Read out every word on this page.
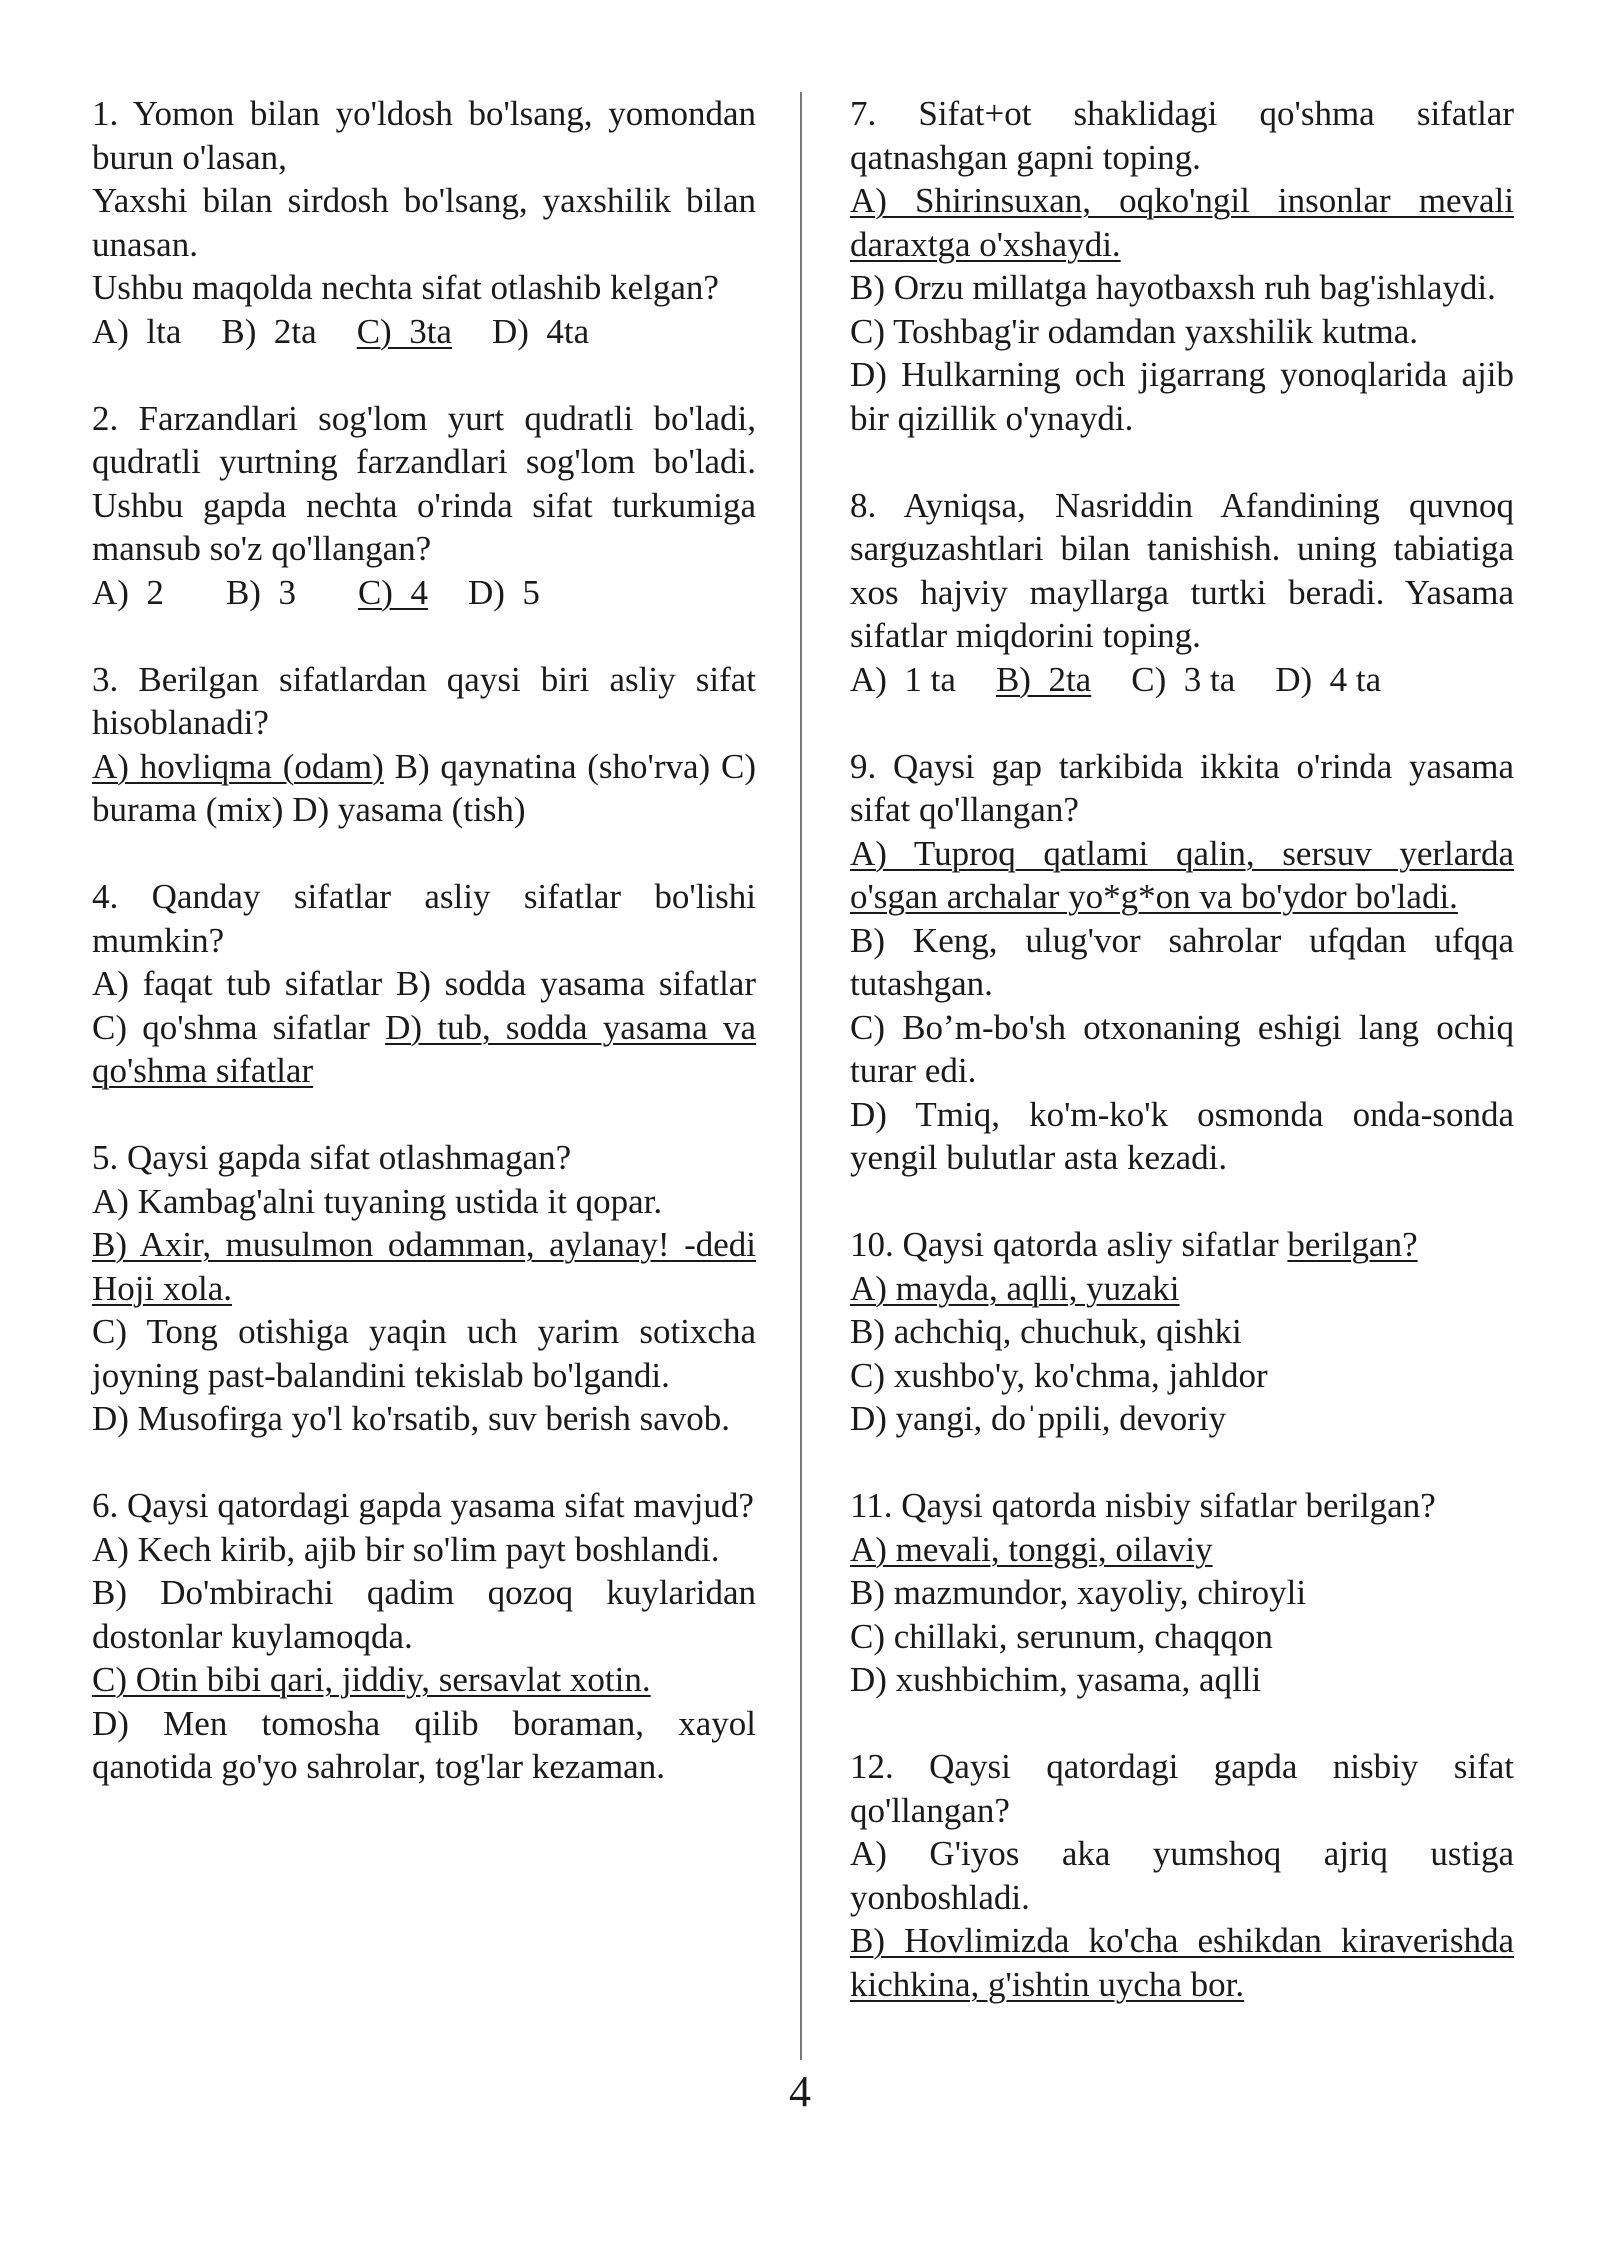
1. Yomon bilan yo'ldosh bo'lsang, yomondan burun o'lasan,
Yaxshi bilan sirdosh bo'lsang, yaxshilik bilan unasan.
Ushbu maqolda nechta sifat otlashib kelgan?
A)  lta B)  2ta C)  3ta D)  4ta
2. Farzandlari sog'lom yurt qudratli bo'ladi, qudratli yurtning farzandlari sog'lom bo'ladi. Ushbu gapda nechta o'rinda sifat turkumiga mansub so'z qo'llangan?
A)  2 B)  3 C)  4 D)  5
3. Berilgan sifatlardan qaysi biri asliy sifat hisoblanadi?
A) hovliqma (odam) B) qaynatina (sho'rva) C) burama (mix) D) yasama (tish)
4. Qanday sifatlar asliy sifatlar bo'lishi mumkin?
A) faqat tub sifatlar B) sodda yasama sifatlar C) qo'shma sifatlar D) tub, sodda yasama va qo'shma sifatlar
5. Qaysi gapda sifat otlashmagan?
A) Kambag'alni tuyaning ustida it qopar.
B) Axir, musulmon odamman, aylanay! -dedi Hoji xola.
C) Tong otishiga yaqin uch yarim sotixcha joyning past-balandini tekislab bo'lgandi.
D) Musofirga yo'l ko'rsatib, suv berish savob.
6. Qaysi qatordagi gapda yasama sifat mavjud?
A) Kech kirib, ajib bir so'lim payt boshlandi.
B) Do'mbirachi qadim qozoq kuylaridan dostonlar kuylamoqda.
C) Otin bibi qari, jiddiy, sersavlat xotin.
D) Men tomosha qilib boraman, xayol qanotida go'yo sahrolar, tog'lar kezaman.
7. Sifat+ot shaklidagi qo'shma sifatlar qatnashgan gapni toping.
A) Shirinsuxan, oqko'ngil insonlar mevali daraxtga o'xshaydi.
B) Orzu millatga hayotbaxsh ruh bag'ishlaydi.
C) Toshbag'ir odamdan yaxshilik kutma.
D) Hulkarning och jigarrang yonoqlarida ajib bir qizillik o'ynaydi.
8. Ayniqsa, Nasriddin Afandining quvnoq sarguzashtlari bilan tanishish. uning tabiatiga xos hajviy mayllarga turtki beradi. Yasama sifatlar miqdorini toping.
A)  1 ta B)  2ta C)  3 ta D)  4 ta
9. Qaysi gap tarkibida ikkita o'rinda yasama sifat qo'llangan?
A) Tuproq qatlami qalin, sersuv yerlarda o'sgan archalar yo*g*on va bo'ydor bo'ladi.
B) Keng, ulug'vor sahrolar ufqdan ufqqa tutashgan.
C) Boʼm-bo'sh otxonaning eshigi lang ochiq turar edi.
D) Tmiq, ko'm-ko'k osmonda onda-sonda yengil bulutlar asta kezadi.
10. Qaysi qatorda asliy sifatlar berilgan?
A) mayda, aqlli, yuzaki
B) achchiq, chuchuk, qishki
C) xushbo'y, ko'chma, jahldor
D) yangi, doˈppili, devoriy
11. Qaysi qatorda nisbiy sifatlar berilgan?
A) mevali, tonggi, oilaviy
B) mazmundor, xayoliy, chiroyli
C) chillaki, serunum, chaqqon
D) xushbichim, yasama, aqlli
12. Qaysi qatordagi gapda nisbiy sifat qo'llangan?
A) G'iyos aka yumshoq ajriq ustiga yonboshladi.
B) Hovlimizda ko'cha eshikdan kiraverishda kichkina, g'ishtin uycha bor.
4
